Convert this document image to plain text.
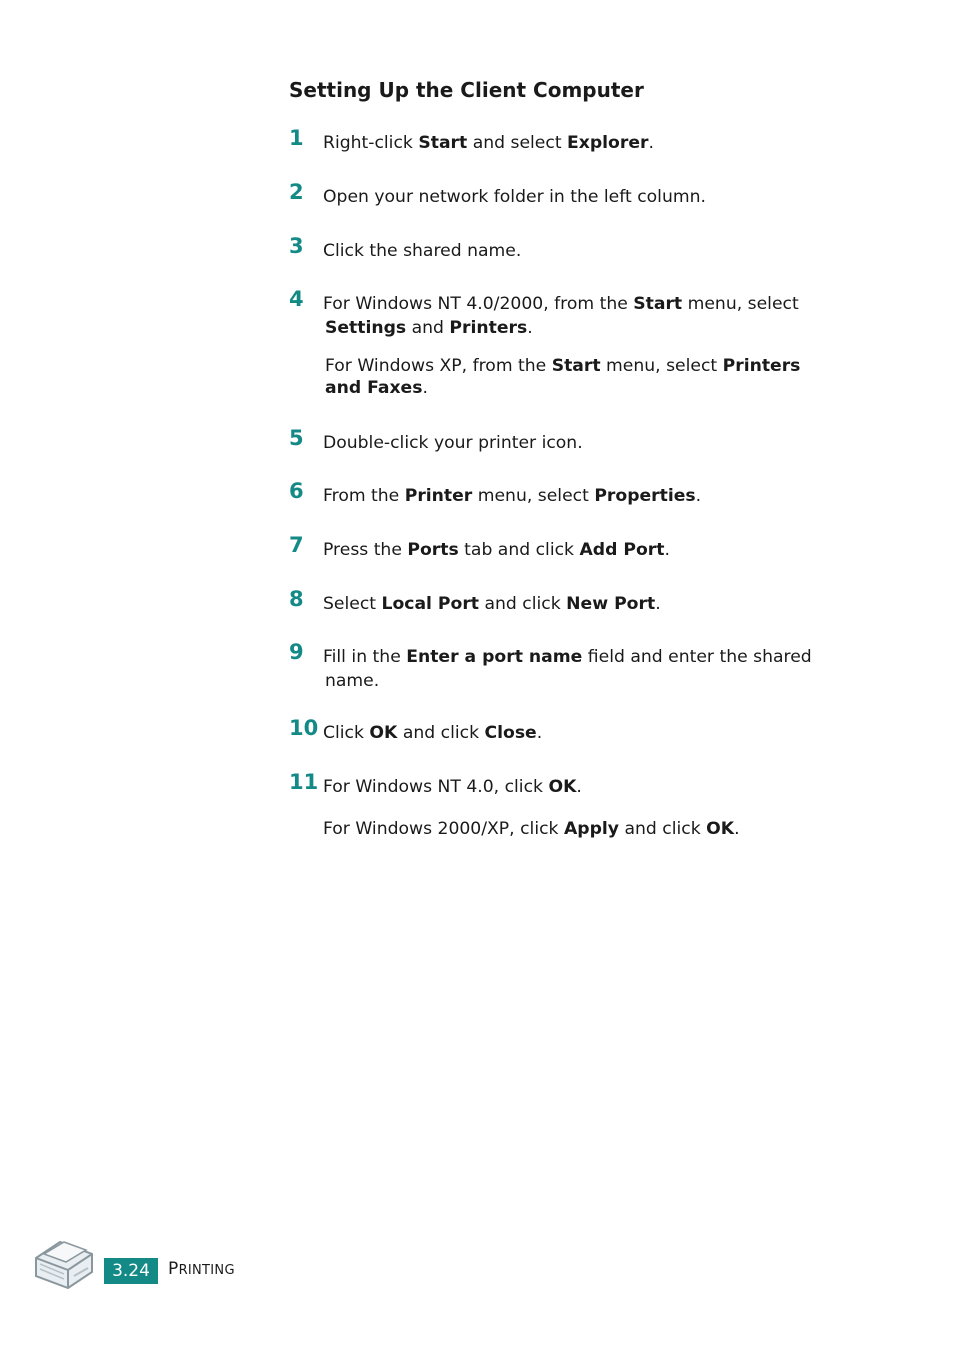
Setting Up the Client Computer
1 Right-click Start and select Explorer.
2 Open your network folder in the left column.
3 Click the shared name.
4 For Windows NT 4.0/2000, from the Start menu, select
Settings and Printers.
For Windows XP, from the Start menu, select Printers and Faxes.
5 Double-click your printer icon.
6 From the Printer menu, select Properties.
7 Press the Ports tab and click Add Port.
8 Select Local Port and click New Port.
9 Fill in the Enter a port name field and enter the shared
name.
10 Click OK and click Close.
11 For Windows NT 4.0, click OK.
For Windows 2000/XP, click Apply and click OK.
3.24	PRINTING
